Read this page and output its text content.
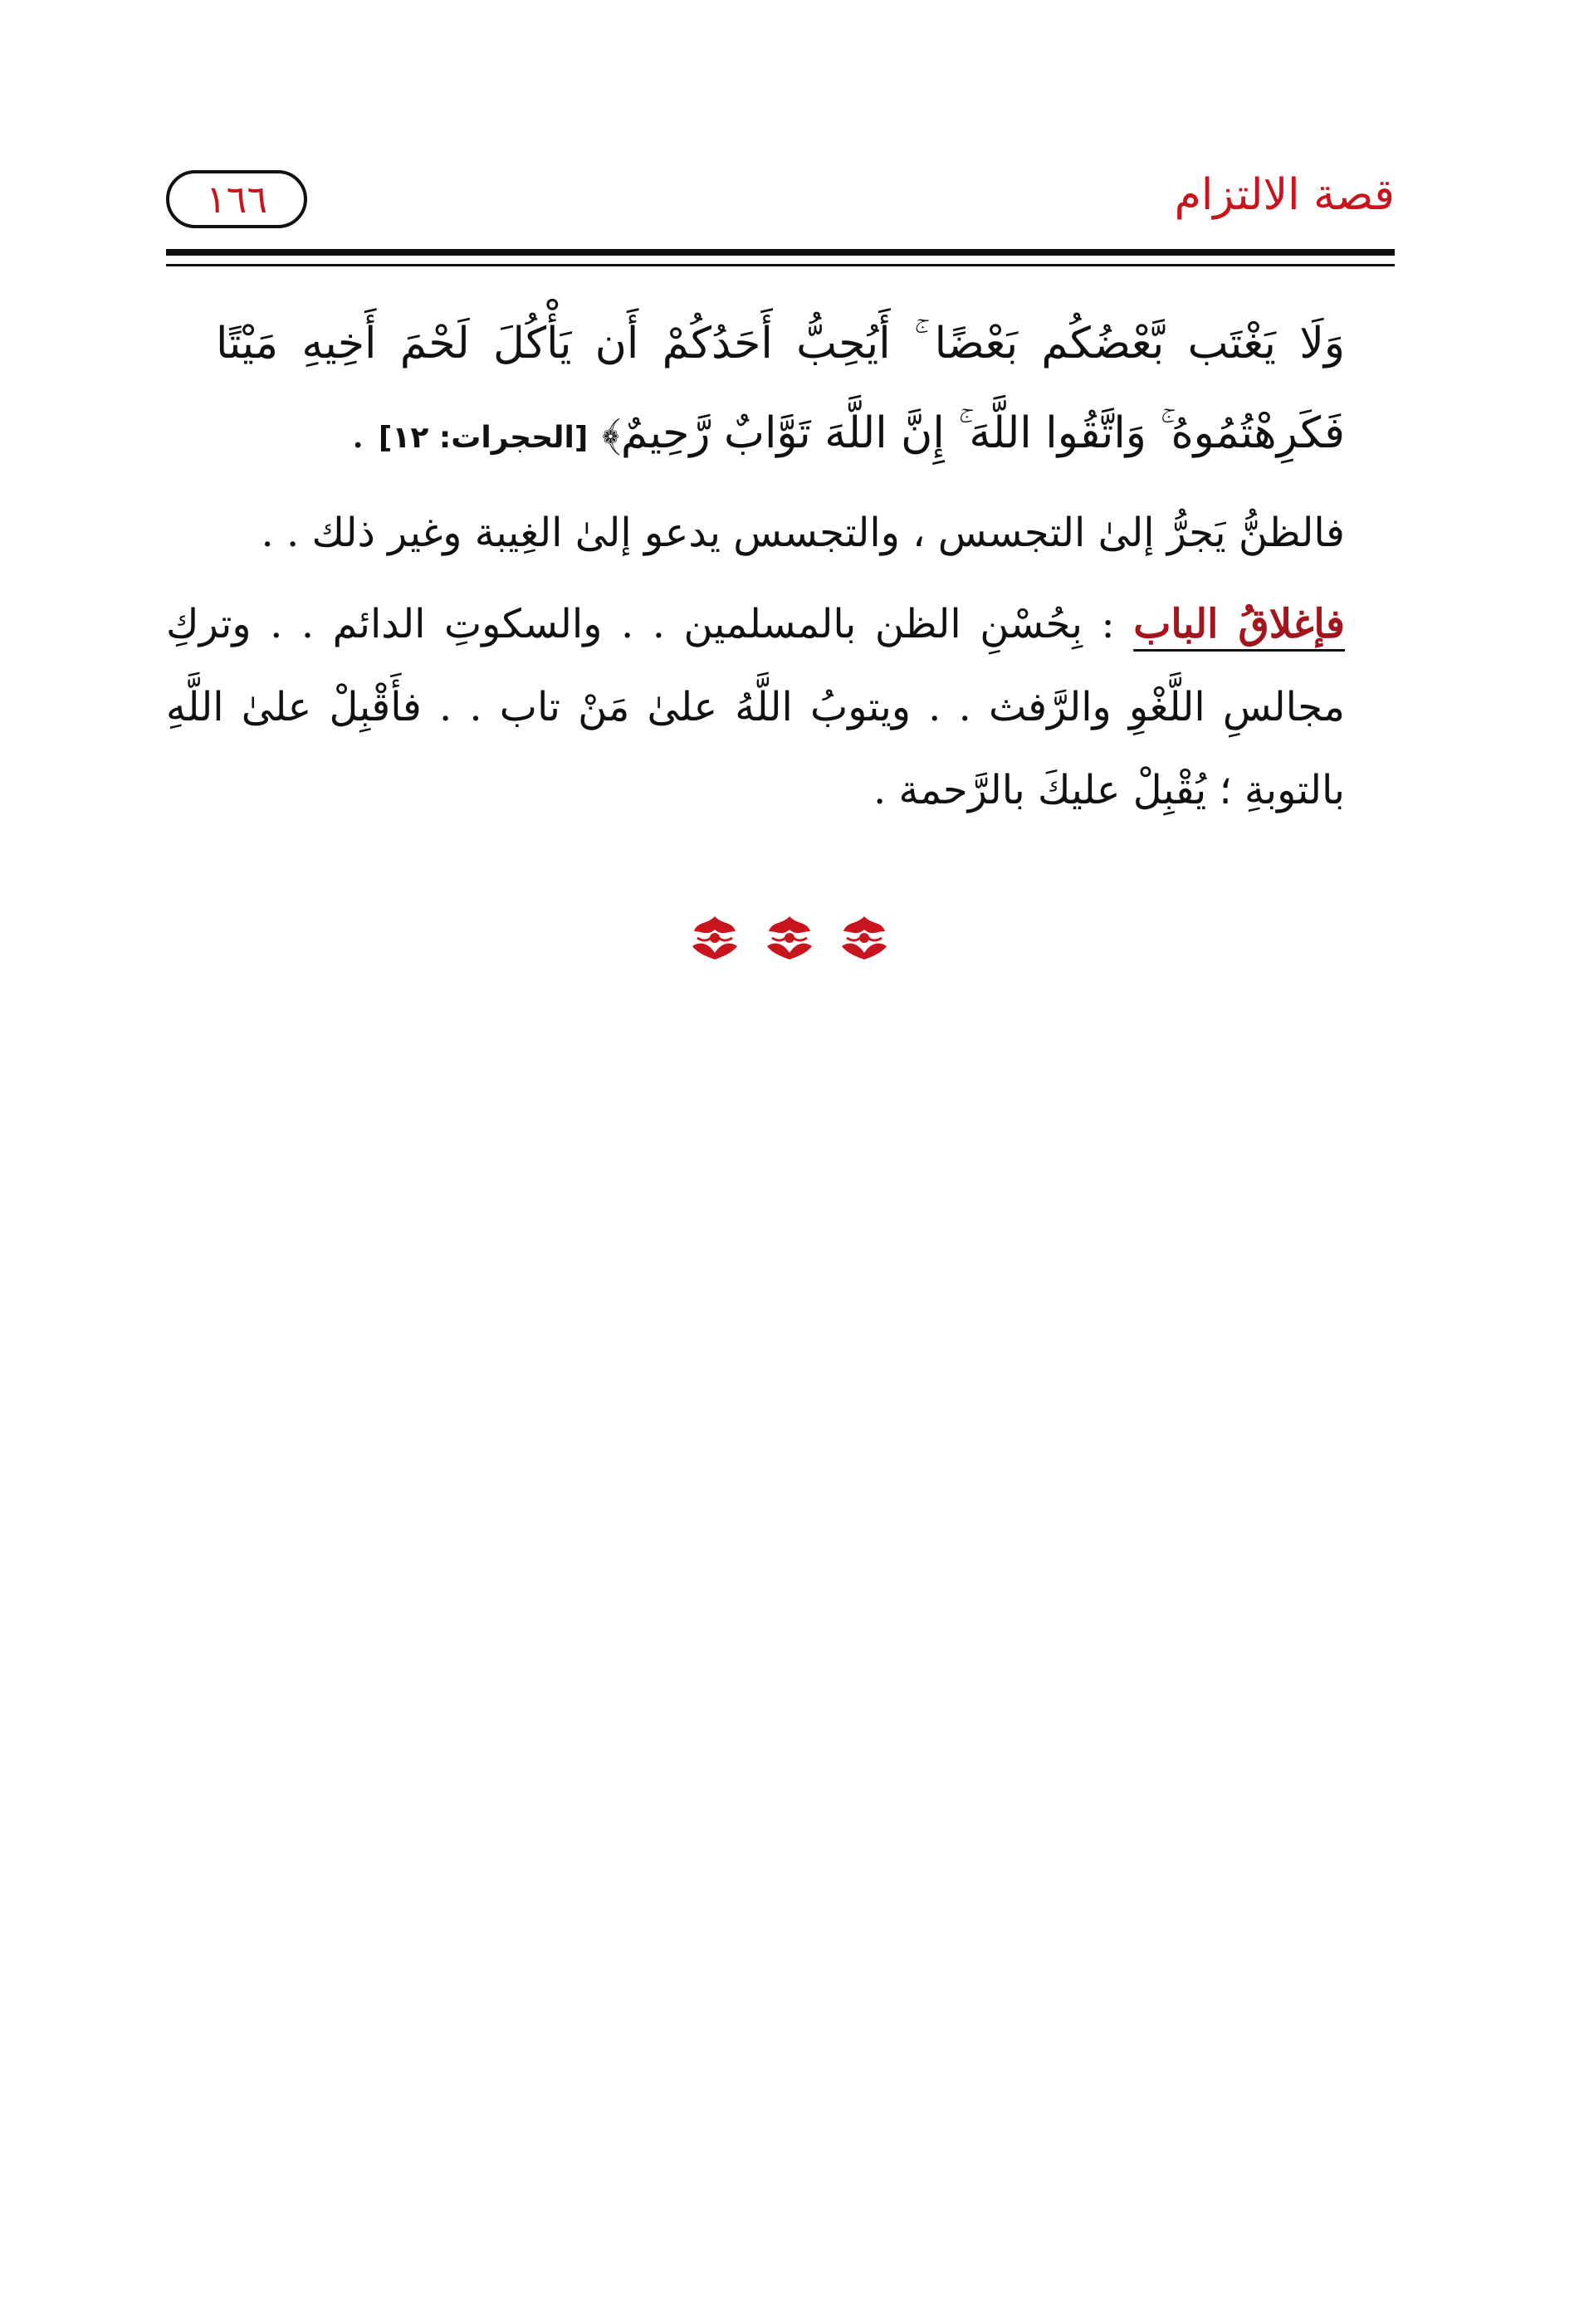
قصة الالتزام
١٦٦
وَلَا يَغْتَب بَّعْضُكُم بَعْضًا ۚ أَيُحِبُّ أَحَدُكُمْ أَن يَأْكُلَ لَحْمَ أَخِيهِ مَيْتًا فَكَرِهْتُمُوهُ ۚ وَاتَّقُوا اللَّهَ ۚ إِنَّ اللَّهَ تَوَّابٌ رَّحِيمٌ﴾ [الحجرات: ١٢] .
فالظنُّ يَجرُّ إلىٰ التجسس ، والتجسس يدعو إلىٰ الغِيبة وغير ذلك . .
فإغلاقُ الباب : بِحُسْنِ الظن بالمسلمين . . والسكوتِ الدائم . . وتركِ مجالسِ اللَّغْوِ والرَّفث . . ويتوبُ اللَّهُ علىٰ مَنْ تاب . . فأَقْبِلْ علىٰ اللَّهِ بالتوبةِ ؛ يُقْبِلْ عليكَ بالرَّحمة .
